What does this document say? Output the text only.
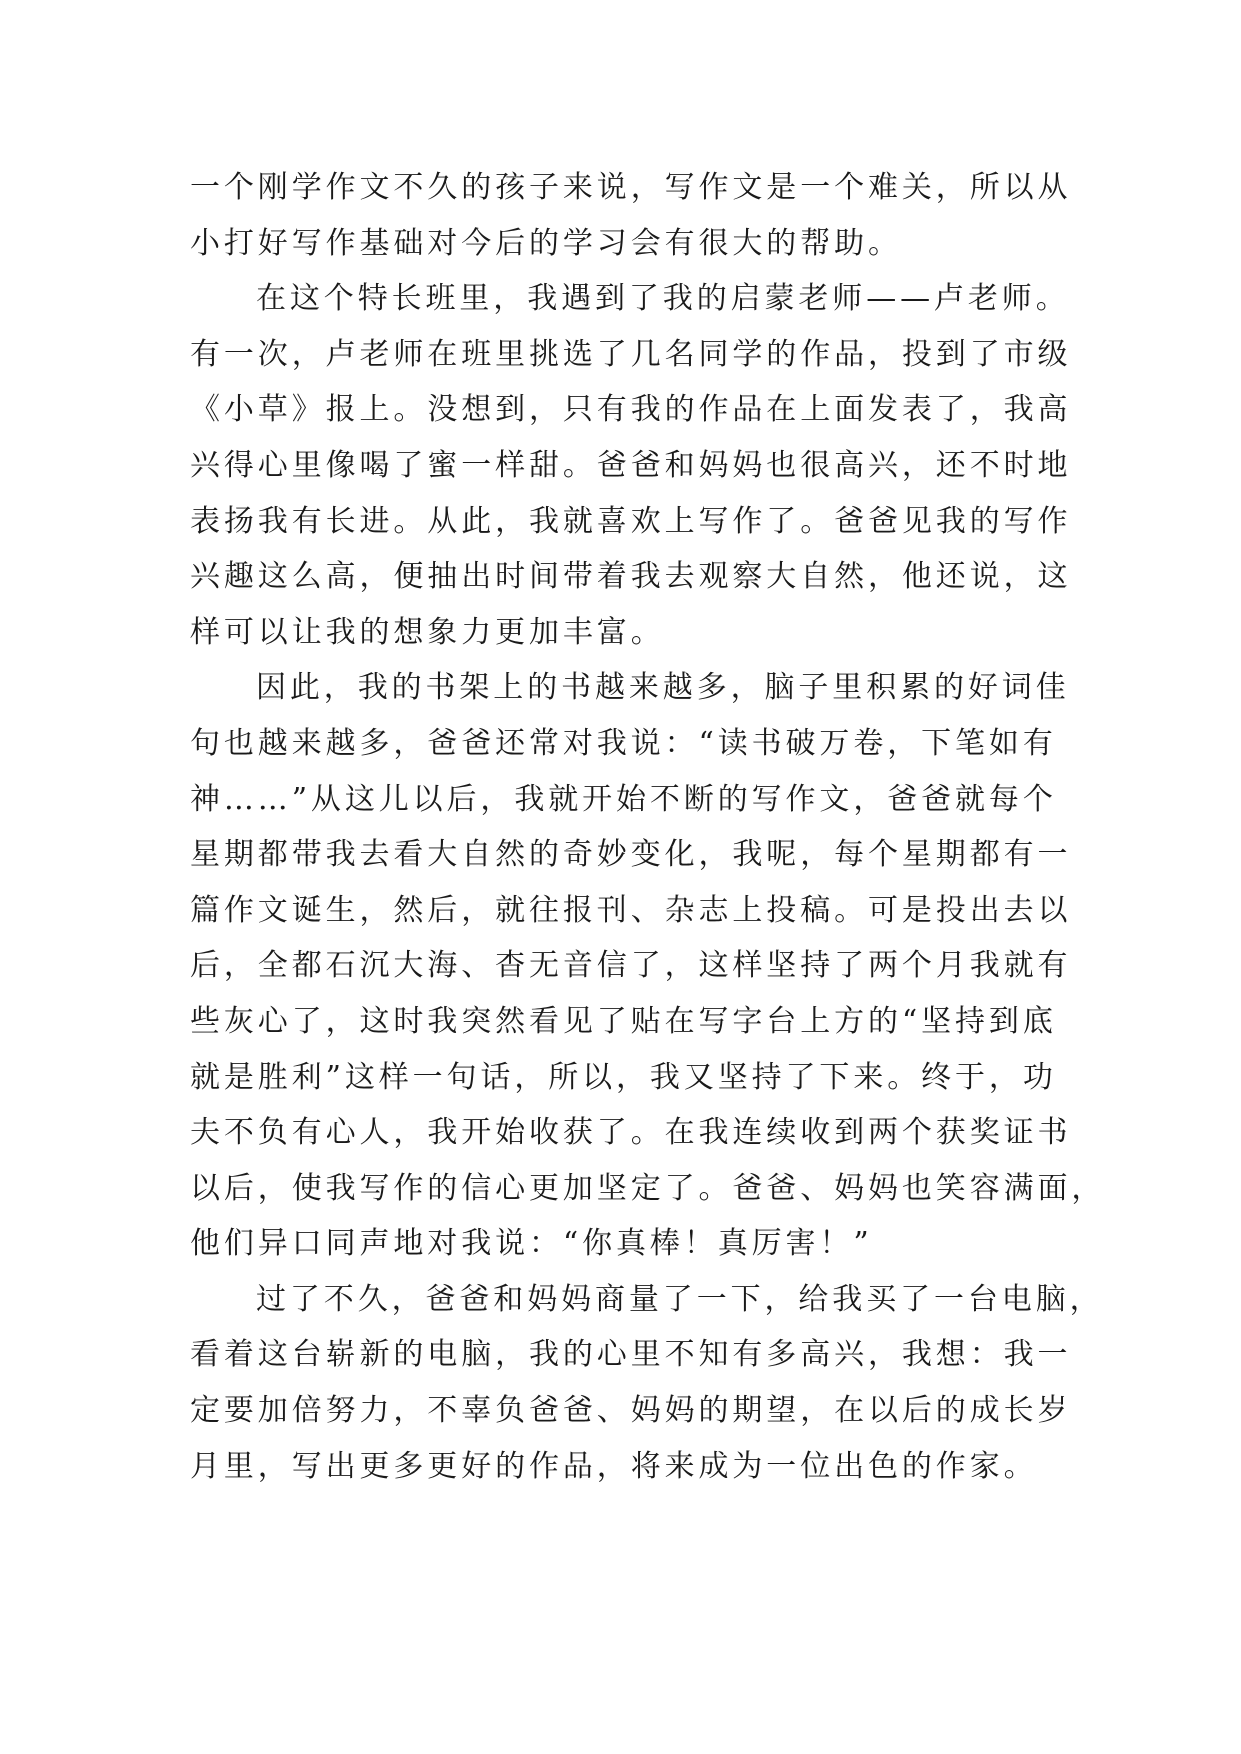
一个刚学作文不久的孩子来说，写作文是一个难关，所以从
小打好写作基础对今后的学习会有很大的帮助。
在这个特长班里，我遇到了我的启蒙老师——卢老师。
有一次，卢老师在班里挑选了几名同学的作品，投到了市级
《小草》报上。没想到，只有我的作品在上面发表了，我高
兴得心里像喝了蜜一样甜。爸爸和妈妈也很高兴，还不时地
表扬我有长进。从此，我就喜欢上写作了。爸爸见我的写作
兴趣这么高，便抽出时间带着我去观察大自然，他还说，这
样可以让我的想象力更加丰富。
因此，我的书架上的书越来越多，脑子里积累的好词佳
句也越来越多，爸爸还常对我说：“读书破万卷，下笔如有
神……”从这儿以后，我就开始不断的写作文，爸爸就每个
星期都带我去看大自然的奇妙变化，我呢，每个星期都有一
篇作文诞生，然后，就往报刊、杂志上投稿。可是投出去以
后，全都石沉大海、杳无音信了，这样坚持了两个月我就有
些灰心了，这时我突然看见了贴在写字台上方的“坚持到底
就是胜利”这样一句话，所以，我又坚持了下来。终于，功
夫不负有心人，我开始收获了。在我连续收到两个获奖证书
以后，使我写作的信心更加坚定了。爸爸、妈妈也笑容满面，
他们异口同声地对我说：“你真棒！真厉害！”
过了不久，爸爸和妈妈商量了一下，给我买了一台电脑，
看着这台崭新的电脑，我的心里不知有多高兴，我想：我一
定要加倍努力，不辜负爸爸、妈妈的期望，在以后的成长岁
月里，写出更多更好的作品，将来成为一位出色的作家。
